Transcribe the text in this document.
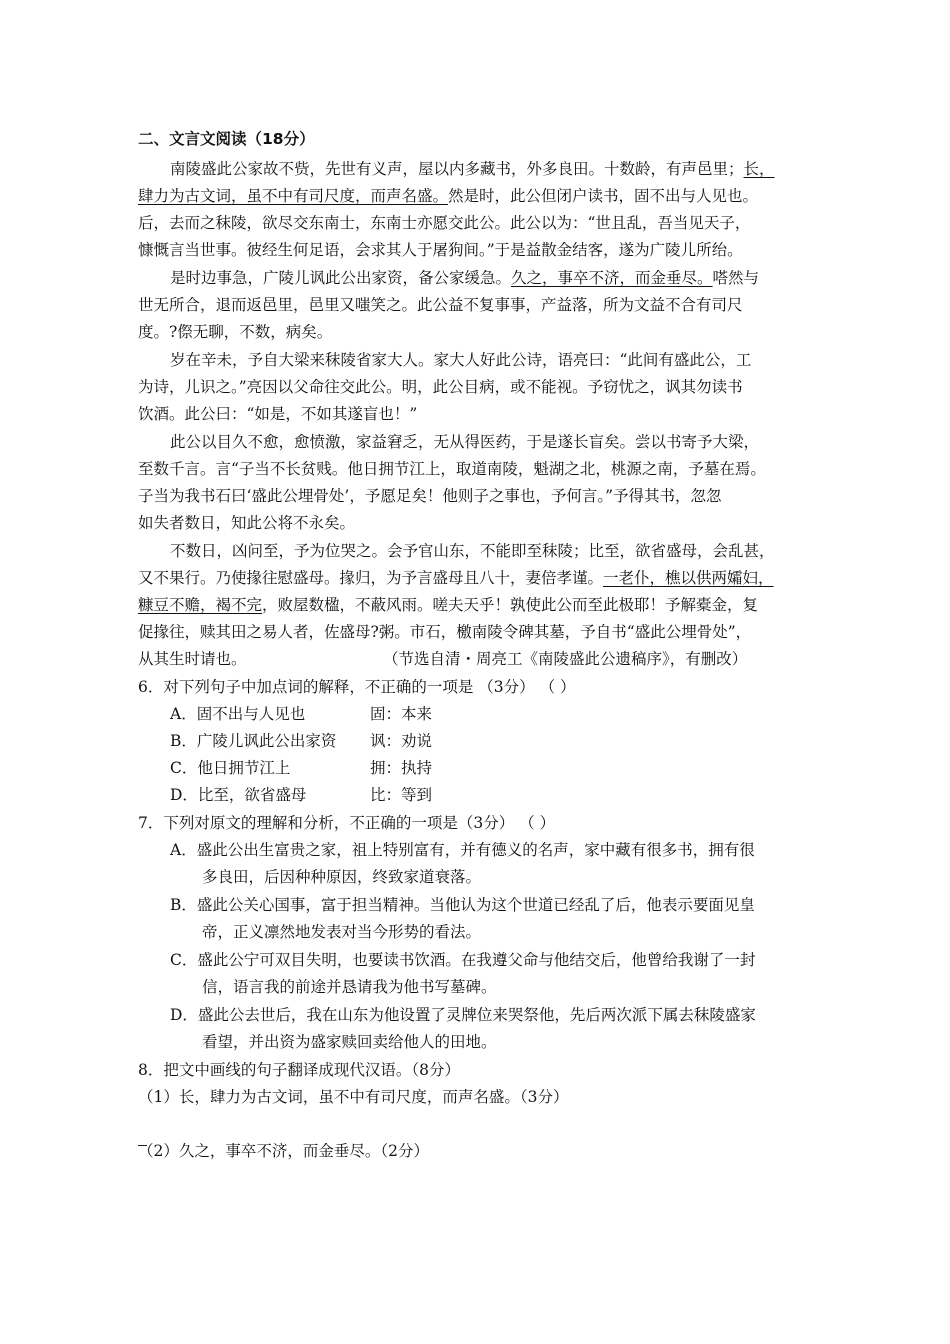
二、文言文阅读（18分）
南陵盛此公家故不赀，先世有义声，屋以内多藏书，外多良田。十数龄，有声邑里；长，
肆力为古文词，虽不中有司尺度，而声名盛。然是时，此公但闭户读书，固不出与人见也。
后，去而之秣陵，欲尽交东南士，东南士亦愿交此公。此公以为：“世且乱，吾当见天子，
慷慨言当世事。彼经生何足语，会求其人于屠狗间。”于是益散金结客，遂为广陵儿所绐。
是时边事急，广陵儿讽此公出家资，备公家缓急。久之，事卒不济，而金垂尽。嗒然与
世无所合，退而返邑里，邑里又嗤笑之。此公益不复事事，产益落，所为文益不合有司尺
度。?傺无聊，不数，病矣。
岁在辛未，予自大梁来秣陵省家大人。家大人好此公诗，语亮曰：“此间有盛此公，工
为诗，儿识之。”亮因以父命往交此公。明，此公目病，或不能视。予窃忧之，讽其勿读书
饮酒。此公曰：“如是，不如其遂盲也！”
此公以目久不愈，愈愤激，家益窘乏，无从得医药，于是遂长盲矣。尝以书寄予大梁，
至数千言。言“子当不长贫贱。他日拥节江上，取道南陵，魁湖之北，桃源之南，予墓在焉。
子当为我书石曰‘盛此公埋骨处’，予愿足矣！他则子之事也，予何言。”予得其书，忽忽
如失者数日，知此公将不永矣。
不数日，凶问至，予为位哭之。会予官山东，不能即至秣陵；比至，欲省盛母，会乱甚，
又不果行。乃使掾往慰盛母。掾归，为予言盛母且八十，妻倍孝谨。一老仆，樵以供两孀妇，
糠豆不赡，褐不完，败屋数楹，不蔽风雨。嗟夫天乎！孰使此公而至此极耶！予解橐金，复
促掾往，赎其田之易人者，佐盛母?粥。市石，檄南陵令碑其墓，予自书“盛此公埋骨处”，
从其生时请也。	（节选自清・周亮工《南陵盛此公遗稿序》，有删改）
6．对下列句子中加点词的解释，不正确的一项是 （3分） （ ）
A．固不出与人见也	固：本来
B．广陵儿讽此公出家资 讽：劝说
C．他日拥节江上	拥：执持
D．比至，欲省盛母	比：等到
7．下列对原文的理解和分析，不正确的一项是（3分） （ ）
A．盛此公出生富贵之家，祖上特别富有，并有德义的名声，家中藏有很多书，拥有很
多良田，后因种种原因，终致家道衰落。
B．盛此公关心国事，富于担当精神。当他认为这个世道已经乱了后，他表示要面见皇
帝，正义凛然地发表对当今形势的看法。
C．盛此公宁可双目失明，也要读书饮酒。在我遵父命与他结交后，他曾给我谢了一封
信，语言我的前途并恳请我为他书写墓碑。
D．盛此公去世后，我在山东为他设置了灵牌位来哭祭他，先后两次派下属去秣陵盛家
看望，并出资为盛家赎回卖给他人的田地。
8．把文中画线的句子翻译成现代汉语。（8分）
（1）长，肆力为古文词，虽不中有司尺度，而声名盛。（3分）
（2）久之，事卒不济，而金垂尽。（2分）
